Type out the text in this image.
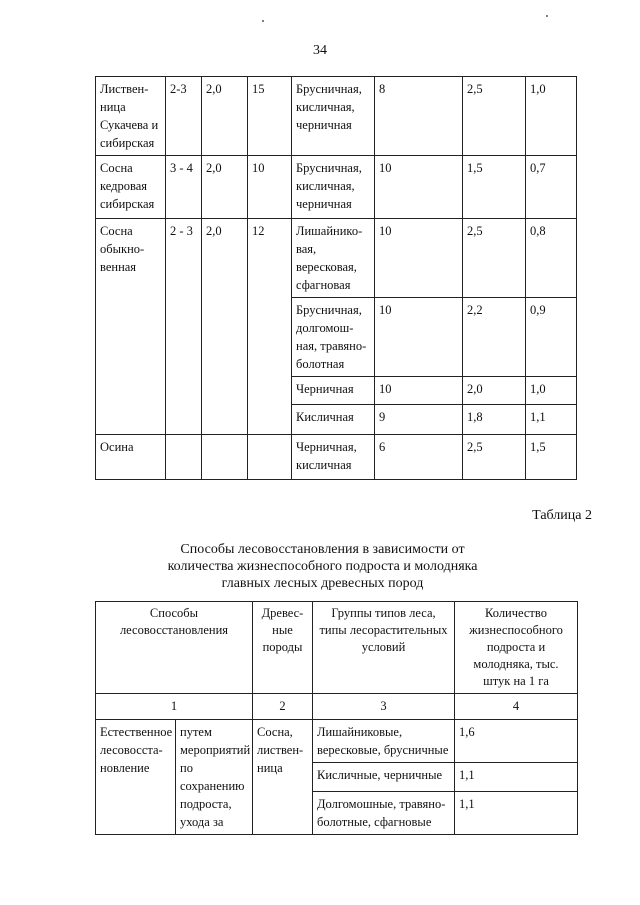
34
Листвен-ница Сукачева и сибирская	2-3	2,0	15	Брусничная, кисличная, черничная	8	2,5	1,0
Сосна кедровая сибирская	3 - 4	2,0	10	Брусничная, кисличная, черничная	10	1,5	0,7
Сосна обыкно-венная	2 - 3	2,0	12	Лишайнико-вая, вересковая, сфагновая	10	2,5	0,8
				Брусничная, долгомош-ная, травяно-болотная	10	2,2	0,9
				Черничная	10	2,0	1,0
				Кисличная	9	1,8	1,1
Осина				Черничная, кисличная	6	2,5	1,5
Таблица 2
Способы лесовосстановления в зависимости от количества жизнеспособного подроста и молодняка главных лесных древесных пород
Способы лесовосстановления		Древес-ные породы	Группы типов леса, типы лесорастительных условий	Количество жизнеспособного подроста и молодняка, тыс. штук на 1 га
1		2	3	4
Естественное лесовосста-новление	путем мероприятий по сохранению подроста, ухода за	Сосна, листвен-ница	Лишайниковые, вересковые, брусничные	1,6
			Кисличные, черничные	1,1
			Долгомошные, травяно-болотные, сфагновые	1,1
